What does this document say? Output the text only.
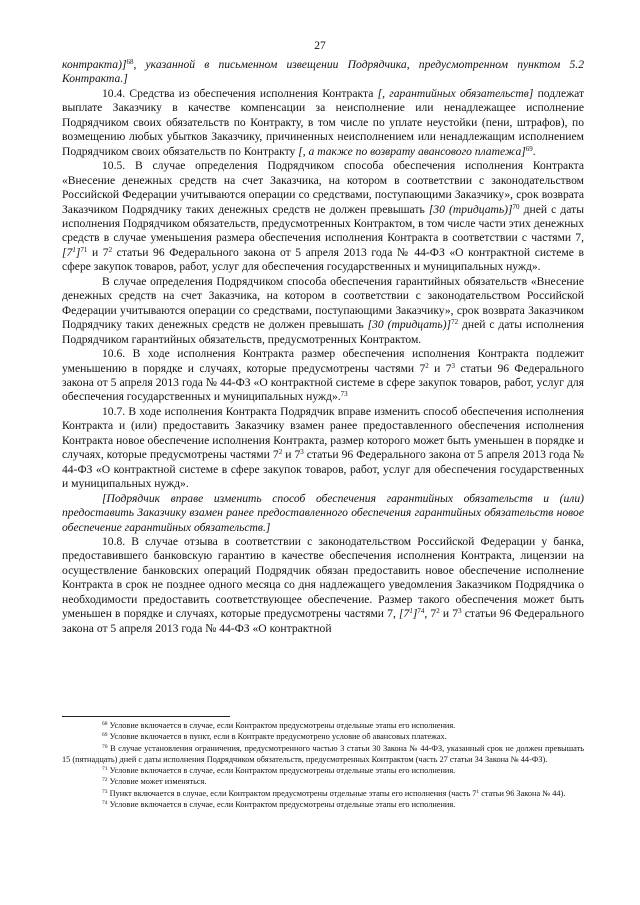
27

контракта)]$^{68}$, указанной в письменном извещении Подрядчика, предусмотренном пунктом 5.2 Контракта.]

10.4. Средства из обеспечения исполнения Контракта [, гарантийных обязательств] подлежат выплате Заказчику в качестве компенсации за неисполнение или ненадлежащее исполнение Подрядчиком своих обязательств по Контракту, в том числе по уплате неустойки (пени, штрафов), по возмещению любых убытков Заказчику, причиненных неисполнением или ненадлежащим исполнением Подрядчиком своих обязательств по Контракту [, а также по возврату авансового платежа]$^{69}$.

10.5. В случае определения Подрядчиком способа обеспечения исполнения Контракта «Внесение денежных средств на счет Заказчика, на котором в соответствии с законодательством Российской Федерации учитываются операции со средствами, поступающими Заказчику», срок возврата Заказчиком Подрядчику таких денежных средств не должен превышать [30 (тридцать)]$^{70}$ дней с даты исполнения Подрядчиком обязательств, предусмотренных Контрактом, в том числе части этих денежных средств в случае уменьшения размера обеспечения исполнения Контракта в соответствии с частями 7, $[7^1]^{71}$ и $7^2$ статьи 96 Федерального закона от 5 апреля 2013 года № 44-ФЗ «О контрактной системе в сфере закупок товаров, работ, услуг для обеспечения государственных и муниципальных нужд».

В случае определения Подрядчиком способа обеспечения гарантийных обязательств «Внесение денежных средств на счет Заказчика, на котором в соответствии с законодательством Российской Федерации учитываются операции со средствами, поступающими Заказчику», срок возврата Заказчиком Подрядчику таких денежных средств не должен превышать [30 (тридцать)]$^{72}$ дней с даты исполнения Подрядчиком гарантийных обязательств, предусмотренных Контрактом.

10.6. В ходе исполнения Контракта размер обеспечения исполнения Контракта подлежит уменьшению в порядке и случаях, которые предусмотрены частями $7^2$ и $7^3$ статьи 96 Федерального закона от 5 апреля 2013 года № 44-ФЗ «О контрактной системе в сфере закупок товаров, работ, услуг для обеспечения государственных и муниципальных нужд».$^{73}$

10.7. В ходе исполнения Контракта Подрядчик вправе изменить способ обеспечения исполнения Контракта и (или) предоставить Заказчику взамен ранее предоставленного обеспечения исполнения Контракта новое обеспечение исполнения Контракта, размер которого может быть уменьшен в порядке и случаях, которые предусмотрены частями $7^2$ и $7^3$ статьи 96 Федерального закона от 5 апреля 2013 года № 44-ФЗ «О контрактной системе в сфере закупок товаров, работ, услуг для обеспечения государственных и муниципальных нужд».

[Подрядчик вправе изменить способ обеспечения гарантийных обязательств и (или) предоставить Заказчику взамен ранее предоставленного обеспечения гарантийных обязательств новое обеспечение гарантийных обязательств.]

10.8. В случае отзыва в соответствии с законодательством Российской Федерации у банка, предоставившего банковскую гарантию в качестве обеспечения исполнения Контракта, лицензии на осуществление банковских операций Подрядчик обязан предоставить новое обеспечение исполнение Контракта в срок не позднее одного месяца со дня надлежащего уведомления Заказчиком Подрядчика о необходимости предоставить соответствующее обеспечение. Размер такого обеспечения может быть уменьшен в порядке и случаях, которые предусмотрены частями 7, $[7^1]^{74}$, $7^2$ и $7^3$ статьи 96 Федерального закона от 5 апреля 2013 года № 44-ФЗ «О контрактной

$^{68}$ Условие включается в случае, если Контрактом предусмотрены отдельные этапы его исполнения.

$^{69}$ Условие включается в пункт, если в Контракте предусмотрено условие об авансовых платежах.

$^{70}$ В случае установления ограничения, предусмотренного частью 3 статьи 30 Закона № 44-ФЗ, указанный срок не должен превышать 15 (пятнадцать) дней с даты исполнения Подрядчиком обязательств, предусмотренных Контрактом (часть 27 статьи 34 Закона № 44-ФЗ).

$^{71}$ Условие включается в случае, если Контрактом предусмотрены отдельные этапы его исполнения.

$^{72}$ Условие может изменяться.

$^{73}$ Пункт включается в случае, если Контрактом предусмотрены отдельные этапы его исполнения (часть $7^1$ статьи 96 Закона № 44).

$^{74}$ Условие включается в случае, если Контрактом предусмотрены отдельные этапы его исполнения.
